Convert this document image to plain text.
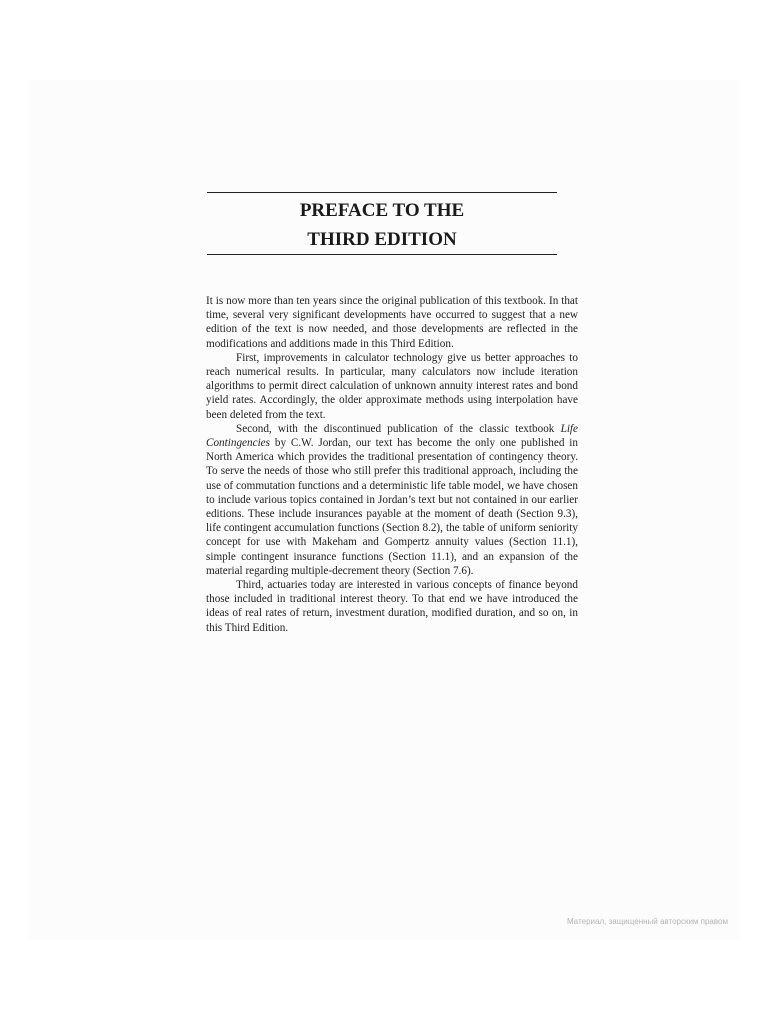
PREFACE TO THE
THIRD EDITION

It is now more than ten years since the original publication of this textbook. In that time, several very significant developments have occurred to suggest that a new edition of the text is now needed, and those developments are reflected in the modifications and additions made in this Third Edition.

First, improvements in calculator technology give us better approaches to reach numerical results. In particular, many calculators now include iteration algorithms to permit direct calculation of unknown annuity interest rates and bond yield rates. Accordingly, the older approximate methods using interpolation have been deleted from the text.

Second, with the discontinued publication of the classic textbook Life Contingencies by C.W. Jordan, our text has become the only one published in North America which provides the traditional presentation of contingency theory. To serve the needs of those who still prefer this traditional approach, including the use of commutation functions and a deterministic life table model, we have chosen to include various topics contained in Jordan’s text but not contained in our earlier editions. These include insurances payable at the moment of death (Section 9.3), life contingent accumulation functions (Section 8.2), the table of uniform seniority concept for use with Makeham and Gompertz annuity values (Section 11.1), simple contingent insurance functions (Section 11.1), and an expansion of the material regarding multiple-decrement theory (Section 7.6).

Third, actuaries today are interested in various concepts of finance beyond those included in traditional interest theory. To that end we have introduced the ideas of real rates of return, investment duration, modified duration, and so on, in this Third Edition.

Материал, защищенный авторским правом
